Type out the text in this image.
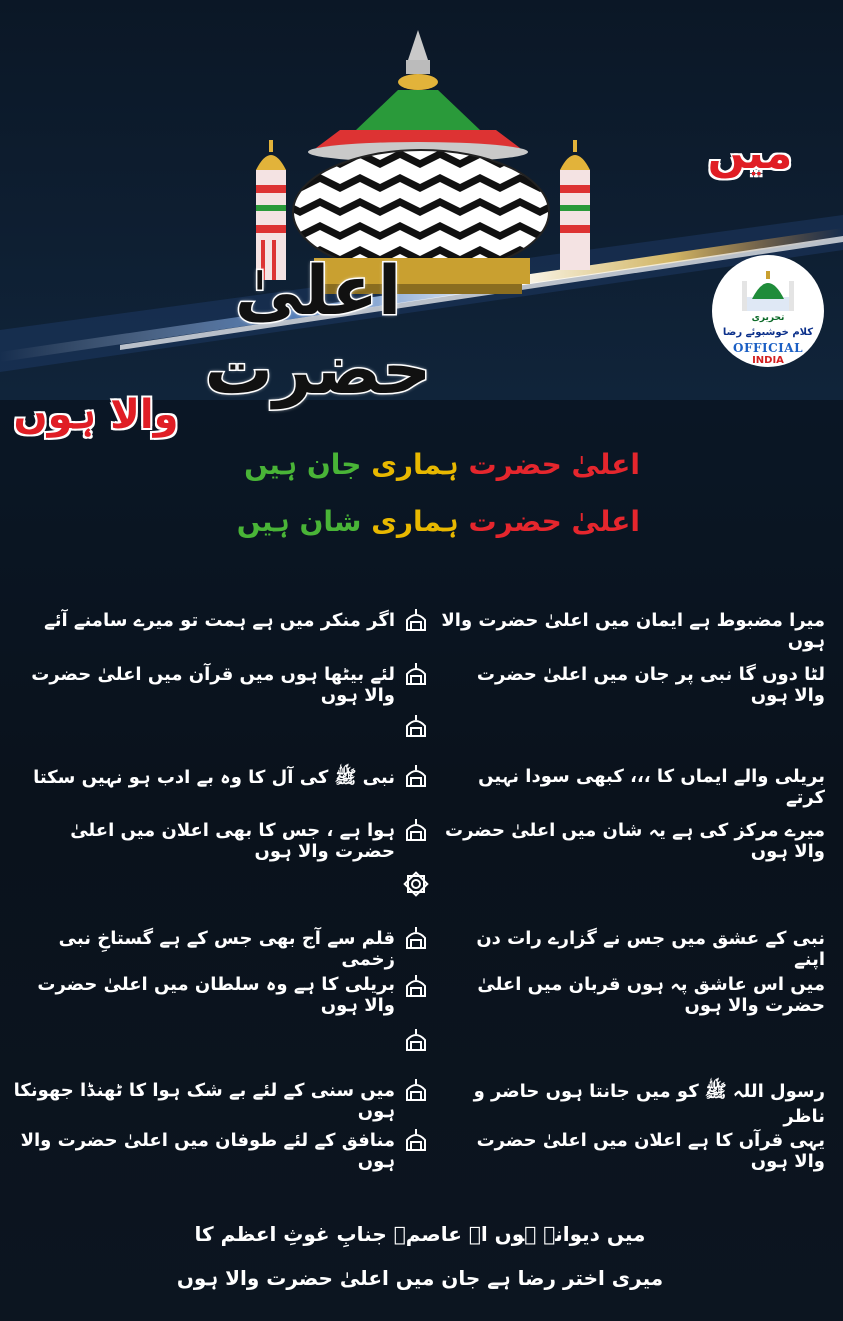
میں
اعلیٰ حضرت
والا ہوں
تحریری
کلام خوشبوئے رضا
OFFICIAL
INDIA
اعلیٰ حضرت ہماری جان ہیں
اعلیٰ حضرت ہماری شان ہیں
میرا مضبوط ہے ایمان میں اعلیٰ حضرت والا ہوں
اگر منکر میں ہے ہمت تو میرے سامنے آئے
لٹا دوں گا نبی پر جان میں اعلیٰ حضرت والا ہوں
لئے بیٹھا ہوں میں قرآن میں اعلیٰ حضرت والا ہوں
بریلی والے ایماں کا ،،، کبھی سودا نہیں کرتے
نبی ﷺ کی آل کا وہ بے ادب ہو نہیں سکتا
میرے مرکز کی ہے یہ شان میں اعلیٰ حضرت والا ہوں
ہوا ہے ، جس کا بھی اعلان میں اعلیٰ حضرت والا ہوں
نبی کے عشق میں جس نے گزارے رات دن اپنے
قلم سے آج بھی جس کے ہے گستاخِ نبی زخمی
میں اس عاشق پہ ہوں قربان میں اعلیٰ حضرت والا ہوں
بریلی کا ہے وہ سلطان میں اعلیٰ حضرت والا ہوں
رسول اللہ ﷺ کو میں جانتا ہوں حاضر و ناظر
میں سنی کے لئے بے شک ہوا کا ٹھنڈا جھونکا ہوں
یہی قرآں کا ہے اعلان میں اعلیٰ حضرت والا ہوں
منافق کے لئے طوفان میں اعلیٰ حضرت والا ہوں
میں دیوانہ ہوں اے عاصمؔ جنابِ غوثِ اعظم کا
میری اختر رضا ہے جان میں اعلیٰ حضرت والا ہوں
